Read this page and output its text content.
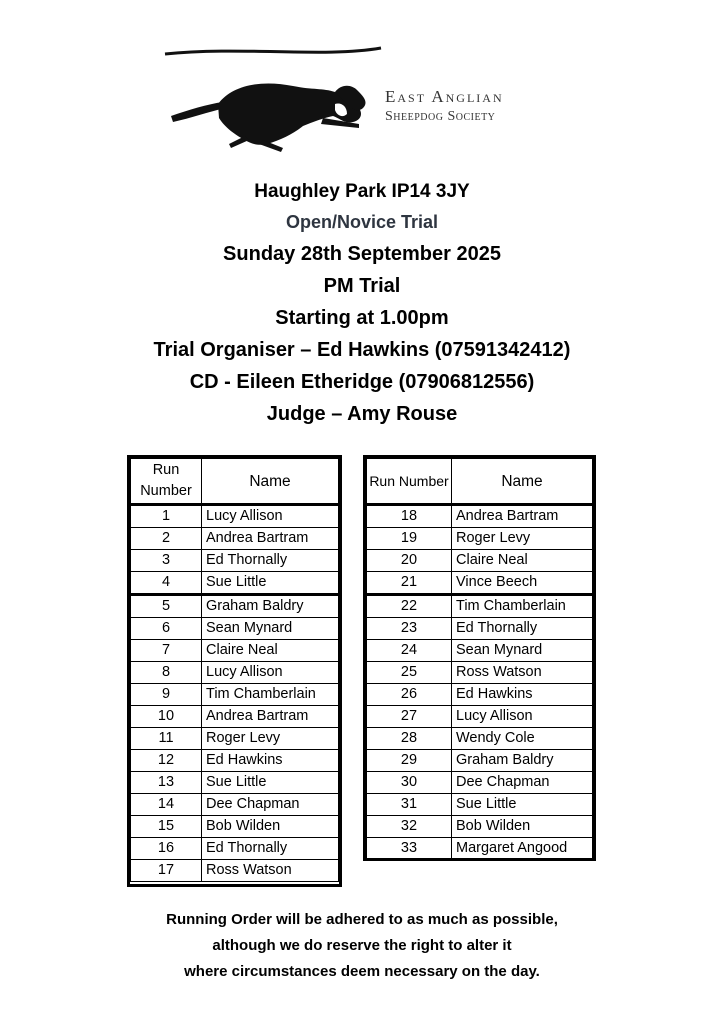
East Anglian
Sheepdog Society
Haughley Park IP14 3JY
Open/Novice Trial
Sunday 28th September 2025
PM Trial
Starting at 1.00pm
Trial Organiser – Ed Hawkins (07591342412)
CD - Eileen Etheridge (07906812556)
Judge – Amy Rouse
Run Number	Name
1	Lucy Allison
2	Andrea Bartram
3	Ed Thornally
4	Sue Little
5	Graham Baldry
6	Sean Mynard
7	Claire Neal
8	Lucy Allison
9	Tim Chamberlain
10	Andrea Bartram
11	Roger Levy
12	Ed Hawkins
13	Sue Little
14	Dee Chapman
15	Bob Wilden
16	Ed Thornally
17	Ross Watson
Run Number	Name
18	Andrea Bartram
19	Roger Levy
20	Claire Neal
21	Vince Beech
22	Tim Chamberlain
23	Ed Thornally
24	Sean Mynard
25	Ross Watson
26	Ed Hawkins
27	Lucy Allison
28	Wendy Cole
29	Graham Baldry
30	Dee Chapman
31	Sue Little
32	Bob Wilden
33	Margaret Angood
Running Order will be adhered to as much as possible,
although we do reserve the right to alter it
where circumstances deem necessary on the day.
